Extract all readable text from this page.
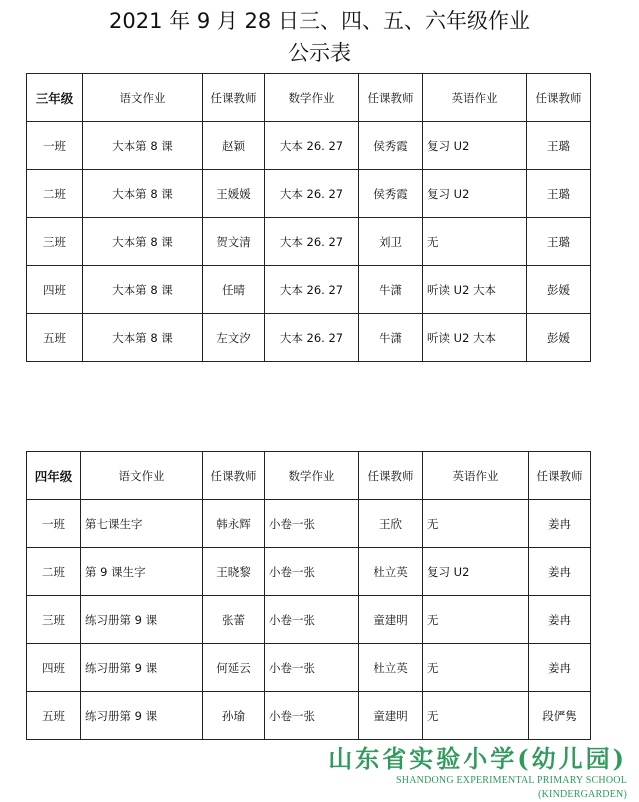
2021 年 9 月 28 日三、四、五、六年级作业
公示表
三年级	语文作业	任课教师	数学作业	任课教师	英语作业	任课教师
一班	大本第 8 课	赵颖	大本 26. 27	侯秀霞	复习 U2	王璐
二班	大本第 8 课	王媛媛	大本 26. 27	侯秀霞	复习 U2	王璐
三班	大本第 8 课	贺文清	大本 26. 27	刘卫	无	王璐
四班	大本第 8 课	任晴	大本 26. 27	牛潇	听读 U2 大本	彭媛
五班	大本第 8 课	左文汐	大本 26. 27	牛潇	听读 U2 大本	彭媛
四年级	语文作业	任课教师	数学作业	任课教师	英语作业	任课教师
一班	第七课生字	韩永辉	小卷一张	王欣	无	姜冉
二班	第 9 课生字	王晓黎	小卷一张	杜立英	复习 U2	姜冉
三班	练习册第 9 课	张蕾	小卷一张	童建明	无	姜冉
四班	练习册第 9 课	何延云	小卷一张	杜立英	无	姜冉
五班	练习册第 9 课	孙瑜	小卷一张	童建明	无	段俨隽
山东省实验小学(幼儿园)
SHANDONG EXPERIMENTAL PRIMARY SCHOOL (KINDERGARDEN)
